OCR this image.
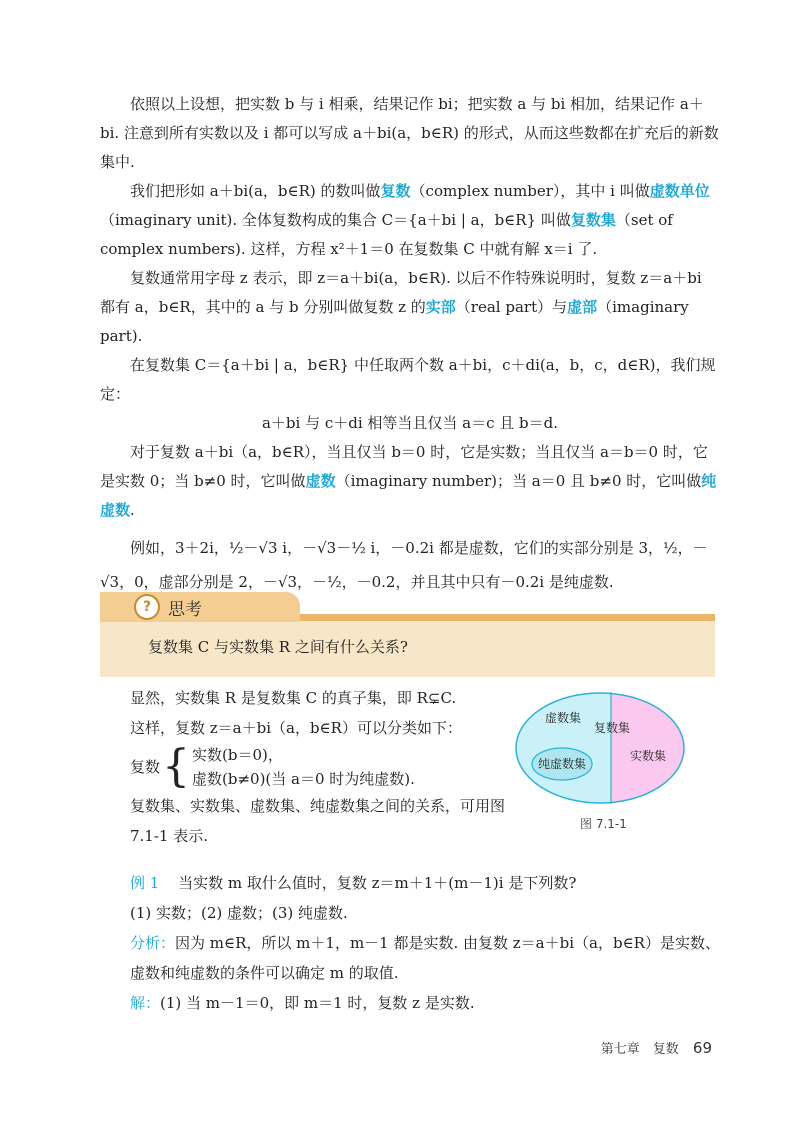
依照以上设想，把实数 b 与 i 相乘，结果记作 bi；把实数 a 与 bi 相加，结果记作 a＋bi. 注意到所有实数以及 i 都可以写成 a＋bi(a，b∈R) 的形式，从而这些数都在扩充后的新数集中.

我们把形如 a＋bi(a，b∈R) 的数叫做复数（complex number），其中 i 叫做虚数单位（imaginary unit). 全体复数构成的集合 C＝{a＋bi | a，b∈R} 叫做复数集（set of complex numbers). 这样，方程 x²＋1＝0 在复数集 C 中就有解 x＝i 了.

复数通常用字母 z 表示，即 z＝a＋bi(a，b∈R). 以后不作特殊说明时，复数 z＝a＋bi 都有 a，b∈R，其中的 a 与 b 分别叫做复数 z 的实部（real part）与虚部（imaginary part).

在复数集 C＝{a＋bi | a，b∈R} 中任取两个数 a＋bi，c＋di(a，b，c，d∈R)，我们规定：

a＋bi 与 c＋di 相等当且仅当 a＝c 且 b＝d.

对于复数 a＋bi（a，b∈R），当且仅当 b＝0 时，它是实数；当且仅当 a＝b＝0 时，它是实数 0；当 b≠0 时，它叫做虚数（imaginary number)；当 a＝0 且 b≠0 时，它叫做纯虚数.

例如，3＋2i，½－√3 i，－√3－½ i，－0.2i 都是虚数，它们的实部分别是 3，½，－√3，0，虚部分别是 2，－√3，－½，－0.2，并且其中只有－0.2i 是纯虚数.

? 思考
复数集 C 与实数集 R 之间有什么关系?

显然，实数集 R 是复数集 C 的真子集，即 R⊊C.

这样，复数 z＝a＋bi（a，b∈R）可以分类如下：

复数 { 实数(b＝0)，
虚数(b≠0)(当 a＝0 时为纯虚数).

复数集、实数集、虚数集、纯虚数集之间的关系，可用图 7.1-1 表示.

虚数集
复数集
实数集
纯虚数集
图 7.1-1

例 1 当实数 m 取什么值时，复数 z＝m＋1＋(m－1)i 是下列数?

(1) 实数；(2) 虚数；(3) 纯虚数.

分析：因为 m∈R，所以 m＋1，m－1 都是实数. 由复数 z＝a＋bi（a，b∈R）是实数、虚数和纯虚数的条件可以确定 m 的取值.

解：(1) 当 m－1＝0，即 m＝1 时，复数 z 是实数.

第七章　复数 69
